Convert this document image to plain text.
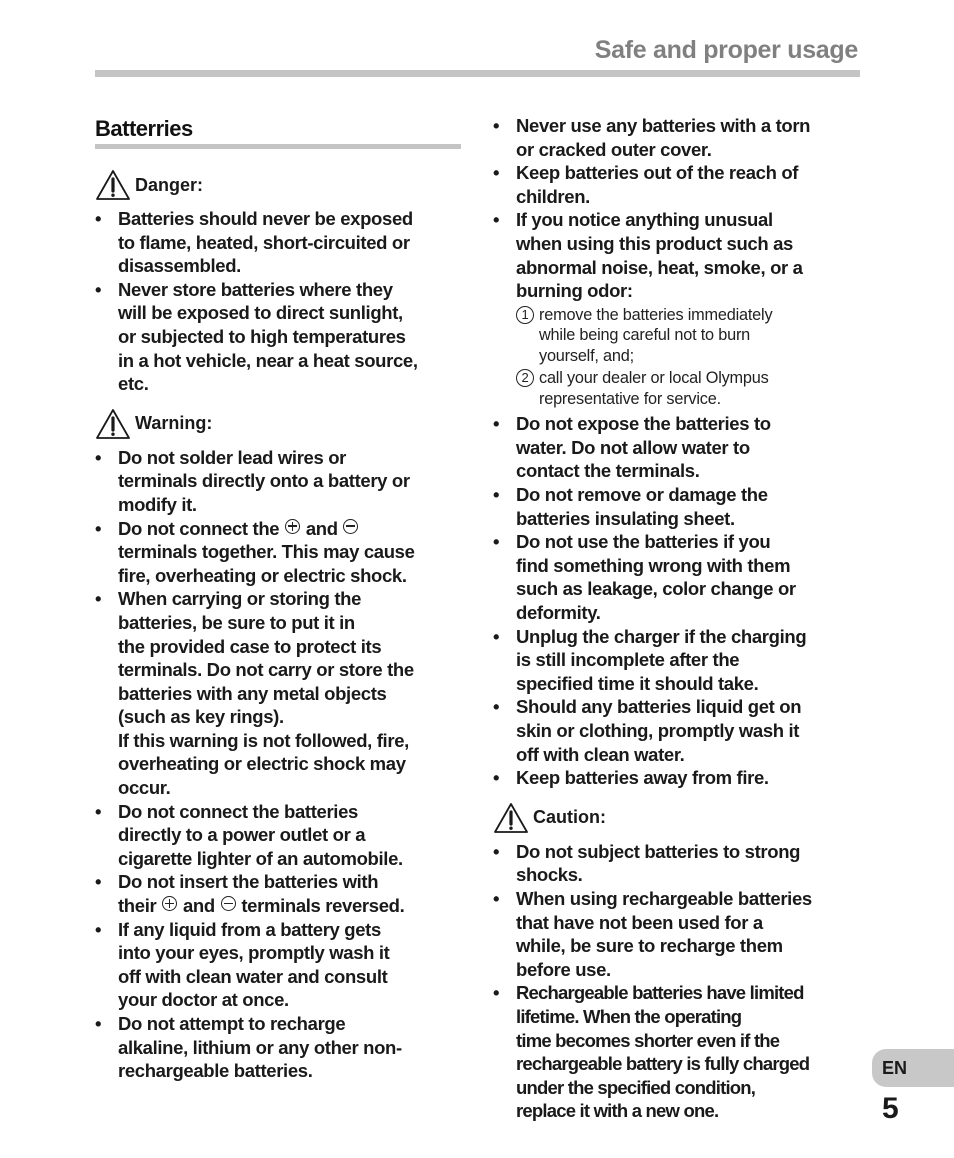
Safe and proper usage
Batterries
Danger:
• Batteries should never be exposed
to flame, heated, short-circuited or
disassembled.
• Never store batteries where they
will be exposed to direct sunlight,
or subjected to high temperatures
in a hot vehicle, near a heat source,
etc.
Warning:
• Do not solder lead wires or
terminals directly onto a battery or
modify it.
• Do not connect the and
terminals together. This may cause
fire, overheating or electric shock.
• When carrying or storing the
batteries, be sure to put it in
the provided case to protect its
terminals. Do not carry or store the
batteries with any metal objects
(such as key rings).
If this warning is not followed, fire,
overheating or electric shock may
occur.
• Do not connect the batteries
directly to a power outlet or a
cigarette lighter of an automobile.
• Do not insert the batteries with
their and terminals reversed.
• If any liquid from a battery gets
into your eyes, promptly wash it
off with clean water and consult
your doctor at once.
• Do not attempt to recharge
alkaline, lithium or any other non-
rechargeable batteries.
• Never use any batteries with a torn
or cracked outer cover.
• Keep batteries out of the reach of
children.
• If you notice anything unusual
when using this product such as
abnormal noise, heat, smoke, or a
burning odor:
1 remove the batteries immediately
while being careful not to burn
yourself, and;
2 call your dealer or local Olympus
representative for service.
• Do not expose the batteries to
water. Do not allow water to
contact the terminals.
• Do not remove or damage the
batteries insulating sheet.
• Do not use the batteries if you
find something wrong with them
such as leakage, color change or
deformity.
• Unplug the charger if the charging
is still incomplete after the
specified time it should take.
• Should any batteries liquid get on
skin or clothing, promptly wash it
off with clean water.
• Keep batteries away from fire.
Caution:
• Do not subject batteries to strong
shocks.
• When using rechargeable batteries
that have not been used for a
while, be sure to recharge them
before use.
• Rechargeable batteries have limited
lifetime. When the operating
time becomes shorter even if the
rechargeable battery is fully charged
under the specified condition,
replace it with a new one.
EN
5
